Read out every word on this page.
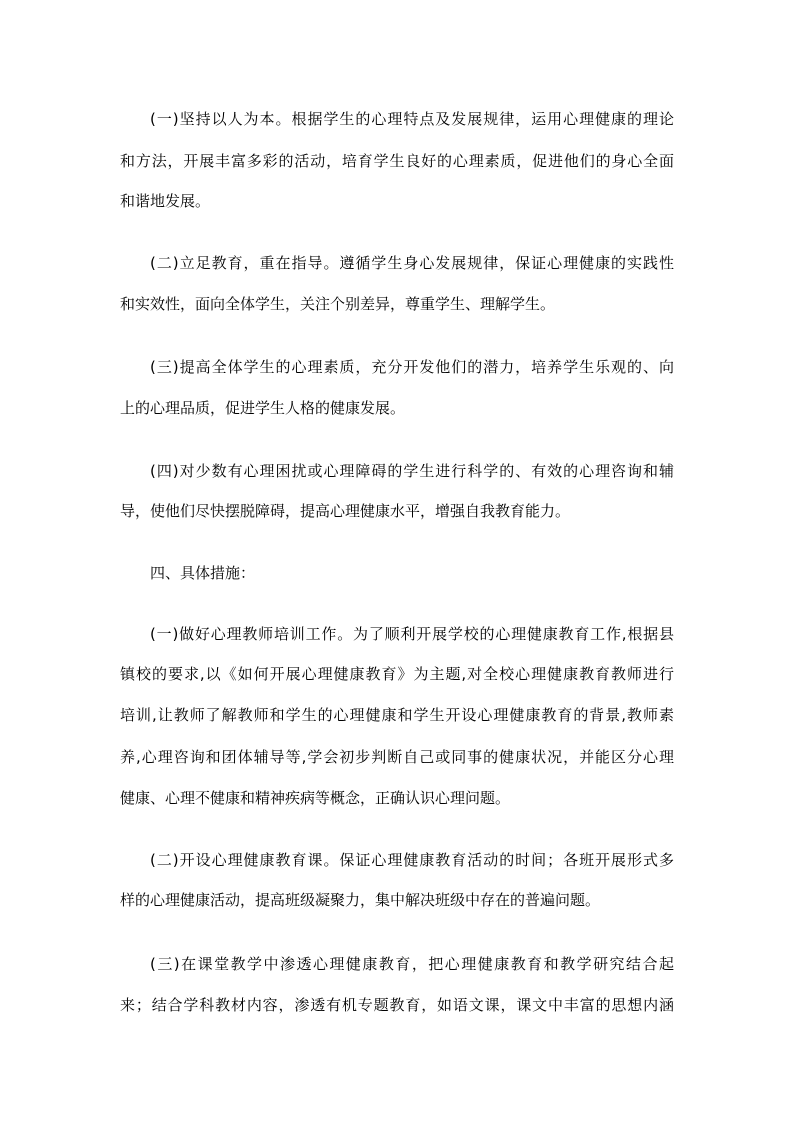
(一)坚持以人为本。根据学生的心理特点及发展规律，运用心理健康的理论
和方法，开展丰富多彩的活动，培育学生良好的心理素质，促进他们的身心全面
和谐地发展。
(二)立足教育，重在指导。遵循学生身心发展规律，保证心理健康的实践性
和实效性，面向全体学生，关注个别差异，尊重学生、理解学生。
(三)提高全体学生的心理素质，充分开发他们的潜力，培养学生乐观的、向
上的心理品质，促进学生人格的健康发展。
(四)对少数有心理困扰或心理障碍的学生进行科学的、有效的心理咨询和辅
导，使他们尽快摆脱障碍，提高心理健康水平，增强自我教育能力。
四、具体措施：
(一)做好心理教师培训工作。为了顺利开展学校的心理健康教育工作,根据县
镇校的要求,以《如何开展心理健康教育》为主题,对全校心理健康教育教师进行
培训,让教师了解教师和学生的心理健康和学生开设心理健康教育的背景,教师素
养,心理咨询和团体辅导等,学会初步判断自己或同事的健康状况，并能区分心理
健康、心理不健康和精神疾病等概念，正确认识心理问题。
(二)开设心理健康教育课。保证心理健康教育活动的时间；各班开展形式多
样的心理健康活动，提高班级凝聚力，集中解决班级中存在的普遍问题。
(三)在课堂教学中渗透心理健康教育，把心理健康教育和教学研究结合起
来；结合学科教材内容，渗透有机专题教育，如语文课，课文中丰富的思想内涵
